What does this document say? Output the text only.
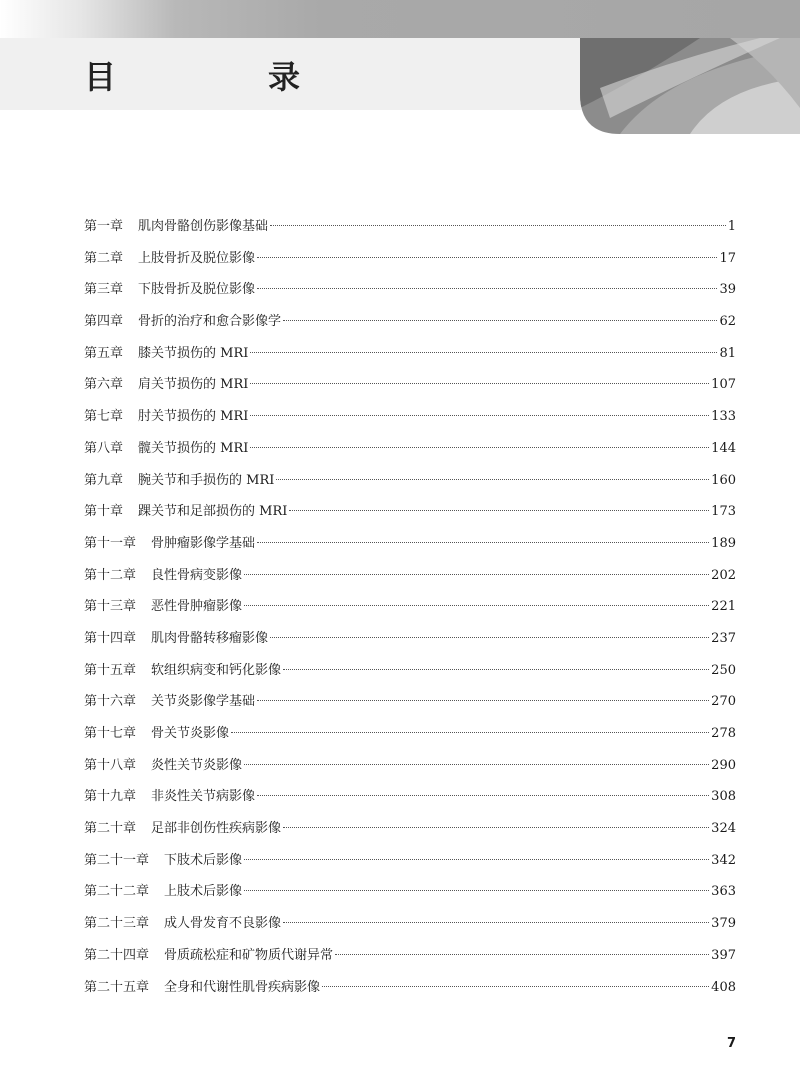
目　录
第一章 肌肉骨骼创伤影像基础	1
第二章 上肢骨折及脱位影像	17
第三章 下肢骨折及脱位影像	39
第四章 骨折的治疗和愈合影像学	62
第五章 膝关节损伤的 MRI	81
第六章 肩关节损伤的 MRI	107
第七章 肘关节损伤的 MRI	133
第八章 髋关节损伤的 MRI	144
第九章 腕关节和手损伤的 MRI	160
第十章 踝关节和足部损伤的 MRI	173
第十一章 骨肿瘤影像学基础	189
第十二章 良性骨病变影像	202
第十三章 恶性骨肿瘤影像	221
第十四章 肌肉骨骼转移瘤影像	237
第十五章 软组织病变和钙化影像	250
第十六章 关节炎影像学基础	270
第十七章 骨关节炎影像	278
第十八章 炎性关节炎影像	290
第十九章 非炎性关节病影像	308
第二十章 足部非创伤性疾病影像	324
第二十一章 下肢术后影像	342
第二十二章 上肢术后影像	363
第二十三章 成人骨发育不良影像	379
第二十四章 骨质疏松症和矿物质代谢异常	397
第二十五章 全身和代谢性肌骨疾病影像	408
7
